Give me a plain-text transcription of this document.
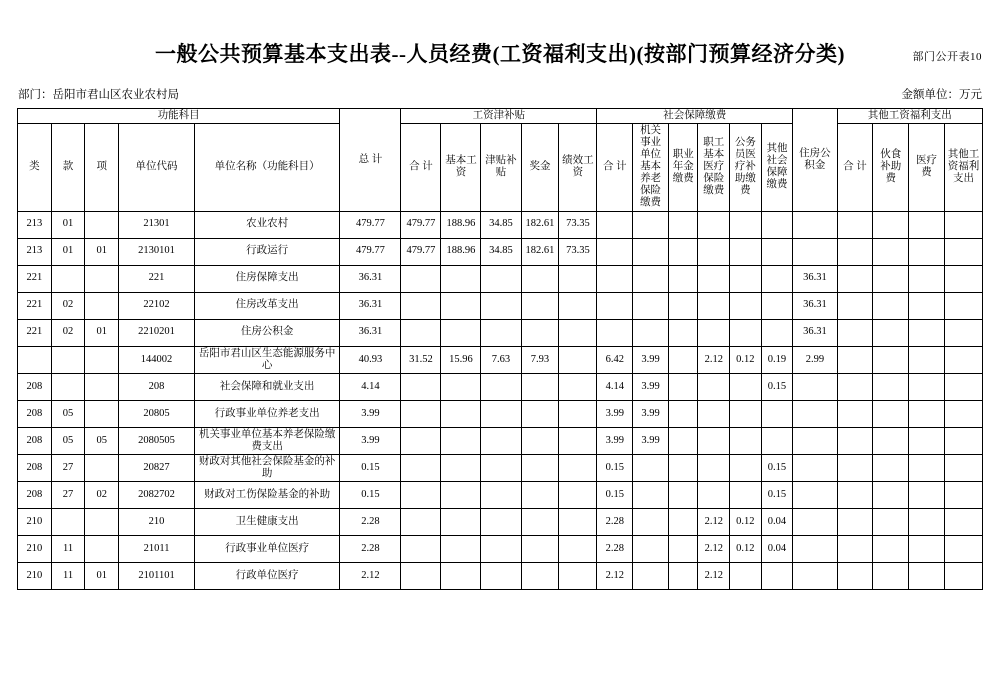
部门公开表10
一般公共预算基本支出表--人员经费(工资福利支出)(按部门预算经济分类)
部门：岳阳市君山区农业农村局	金额单位：万元
功能科目					总 计	工资津补贴					社会保障缴费						住房公积金	其他工资福利支出			
类	款	项	单位代码	单位名称（功能科目）		合 计	基本工资	津贴补贴	奖金	绩效工资	合 计	机关事业单位基本养老保险缴费	职业年金缴费	职工基本医疗保险缴费	公务员医疗补助缴费	其他社会保障缴费		合 计	伙食补助费	医疗费	其他工资福利支出

213	01		21301	农业农村	479.77	479.77	188.96	34.85	182.61	73.35											
213	01	01	2130101	行政运行	479.77	479.77	188.96	34.85	182.61	73.35											
221			221	住房保障支出	36.31												36.31				
221	02		22102	住房改革支出	36.31												36.31				
221	02	01	2210201	住房公积金	36.31												36.31				
			144002	岳阳市君山区生态能源服务中心	40.93	31.52	15.96	7.63	7.93		6.42	3.99		2.12	0.12	0.19	2.99				
208			208	社会保障和就业支出	4.14						4.14	3.99				0.15					
208	05		20805	行政事业单位养老支出	3.99						3.99	3.99									
208	05	05	2080505	机关事业单位基本养老保险缴费支出	3.99						3.99	3.99									
208	27		20827	财政对其他社会保险基金的补助	0.15						0.15					0.15					
208	27	02	2082702	财政对工伤保险基金的补助	0.15						0.15					0.15					
210			210	卫生健康支出	2.28						2.28			2.12	0.12	0.04					
210	11		21011	行政事业单位医疗	2.28						2.28			2.12	0.12	0.04					
210	11	01	2101101	行政单位医疗	2.12						2.12			2.12							
